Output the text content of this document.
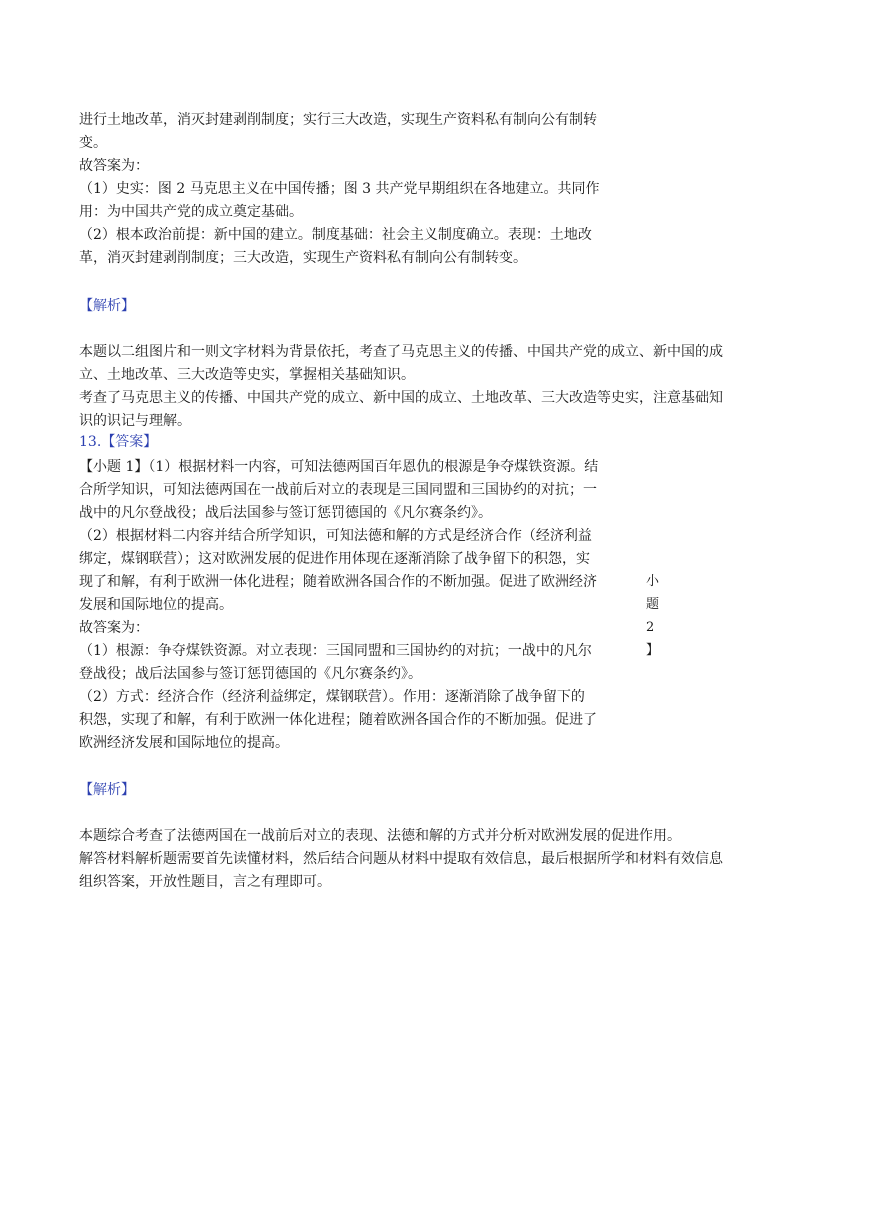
进行土地改革，消灭封建剥削制度；实行三大改造，实现生产资料私有制向公有制转
变。
故答案为：
（1）史实：图 2 马克思主义在中国传播；图 3 共产党早期组织在各地建立。共同作
用：为中国共产党的成立奠定基础。
（2）根本政治前提：新中国的建立。制度基础：社会主义制度确立。表现：土地改
革，消灭封建剥削制度；三大改造，实现生产资料私有制向公有制转变。
【解析】
本题以二组图片和一则文字材料为背景依托，考查了马克思主义的传播、中国共产党的成立、新中国的成
立、土地改革、三大改造等史实，掌握相关基础知识。
考查了马克思主义的传播、中国共产党的成立、新中国的成立、土地改革、三大改造等史实，注意基础知
识的识记与理解。
13.【答案】
【小题 1】（1）根据材料一内容，可知法德两国百年恩仇的根源是争夺煤铁资源。结
合所学知识，可知法德两国在一战前后对立的表现是三国同盟和三国协约的对抗；一
战中的凡尔登战役；战后法国参与签订惩罚德国的《凡尔赛条约》。
（2）根据材料二内容并结合所学知识，可知法德和解的方式是经济合作（经济利益
绑定，煤钢联营）；这对欧洲发展的促进作用体现在逐渐消除了战争留下的积怨，实
现了和解，有利于欧洲一体化进程；随着欧洲各国合作的不断加强。促进了欧洲经济
发展和国际地位的提高。
故答案为：
（1）根源：争夺煤铁资源。对立表现：三国同盟和三国协约的对抗；一战中的凡尔
登战役；战后法国参与签订惩罚德国的《凡尔赛条约》。
（2）方式：经济合作（经济利益绑定，煤钢联营）。作用：逐渐消除了战争留下的
积怨，实现了和解，有利于欧洲一体化进程；随着欧洲各国合作的不断加强。促进了
欧洲经济发展和国际地位的提高。
小
题
2
】
【解析】
本题综合考查了法德两国在一战前后对立的表现、法德和解的方式并分析对欧洲发展的促进作用。
解答材料解析题需要首先读懂材料，然后结合问题从材料中提取有效信息，最后根据所学和材料有效信息
组织答案，开放性题目，言之有理即可。
